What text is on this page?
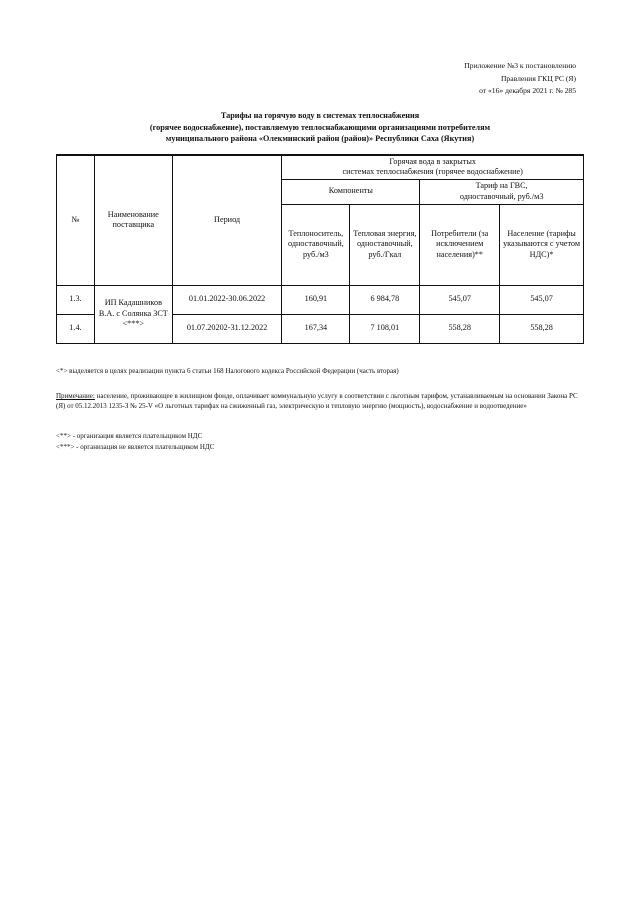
Приложение №3 к постановлению
Правления ГКЦ РС (Я)
от «16» декабря 2021 г. № 285
Тарифы на горячую воду в системах теплоснабжения
(горячее водоснабжение), поставляемую теплоснабжающими организациями потребителям
муниципального района «Олекминский район (район)» Республики Саха (Якутия)
№	Наименование поставщика	Период	Горячая вода в закрытых
системах теплоснабжения (горячее водоснабжение)			

			Компоненты		Тариф на ГВС,
одноставочный, руб./м3	

			Теплоноситель, одноставочный, руб./м3	Тепловая энергия, одноставочный, руб./Гкал	Потребители (за исключением населения)**	Население (тарифы указываются с учетом НДС)*
1.3.	ИП Кадашников
В.А. с Солянка ЗСТ
<***>	01.01.2022-30.06.2022	160,91	6 984,78	545,07	545,07
1.4.		01.07.20202-31.12.2022	167,34	7 108,01	558,28	558,28
<*> выделяется в целях реализации пункта 6 статьи 168 Налогового кодекса Российской Федерации (часть вторая)
Примечание: население, проживающее в жилищном фонде, оплачивает коммунальную услугу в соответствии с льготным тарифом, устанавливаемым на основании Закона РС (Я) от 05.12.2013 1235-З № 25-V «О льготных тарифах на сжиженный газ, электрическую и тепловую энергию (мощность), водоснабжение и водоотведение»
<**> - организация является плательщиком НДС
<***> - организация не является плательщиком НДС
